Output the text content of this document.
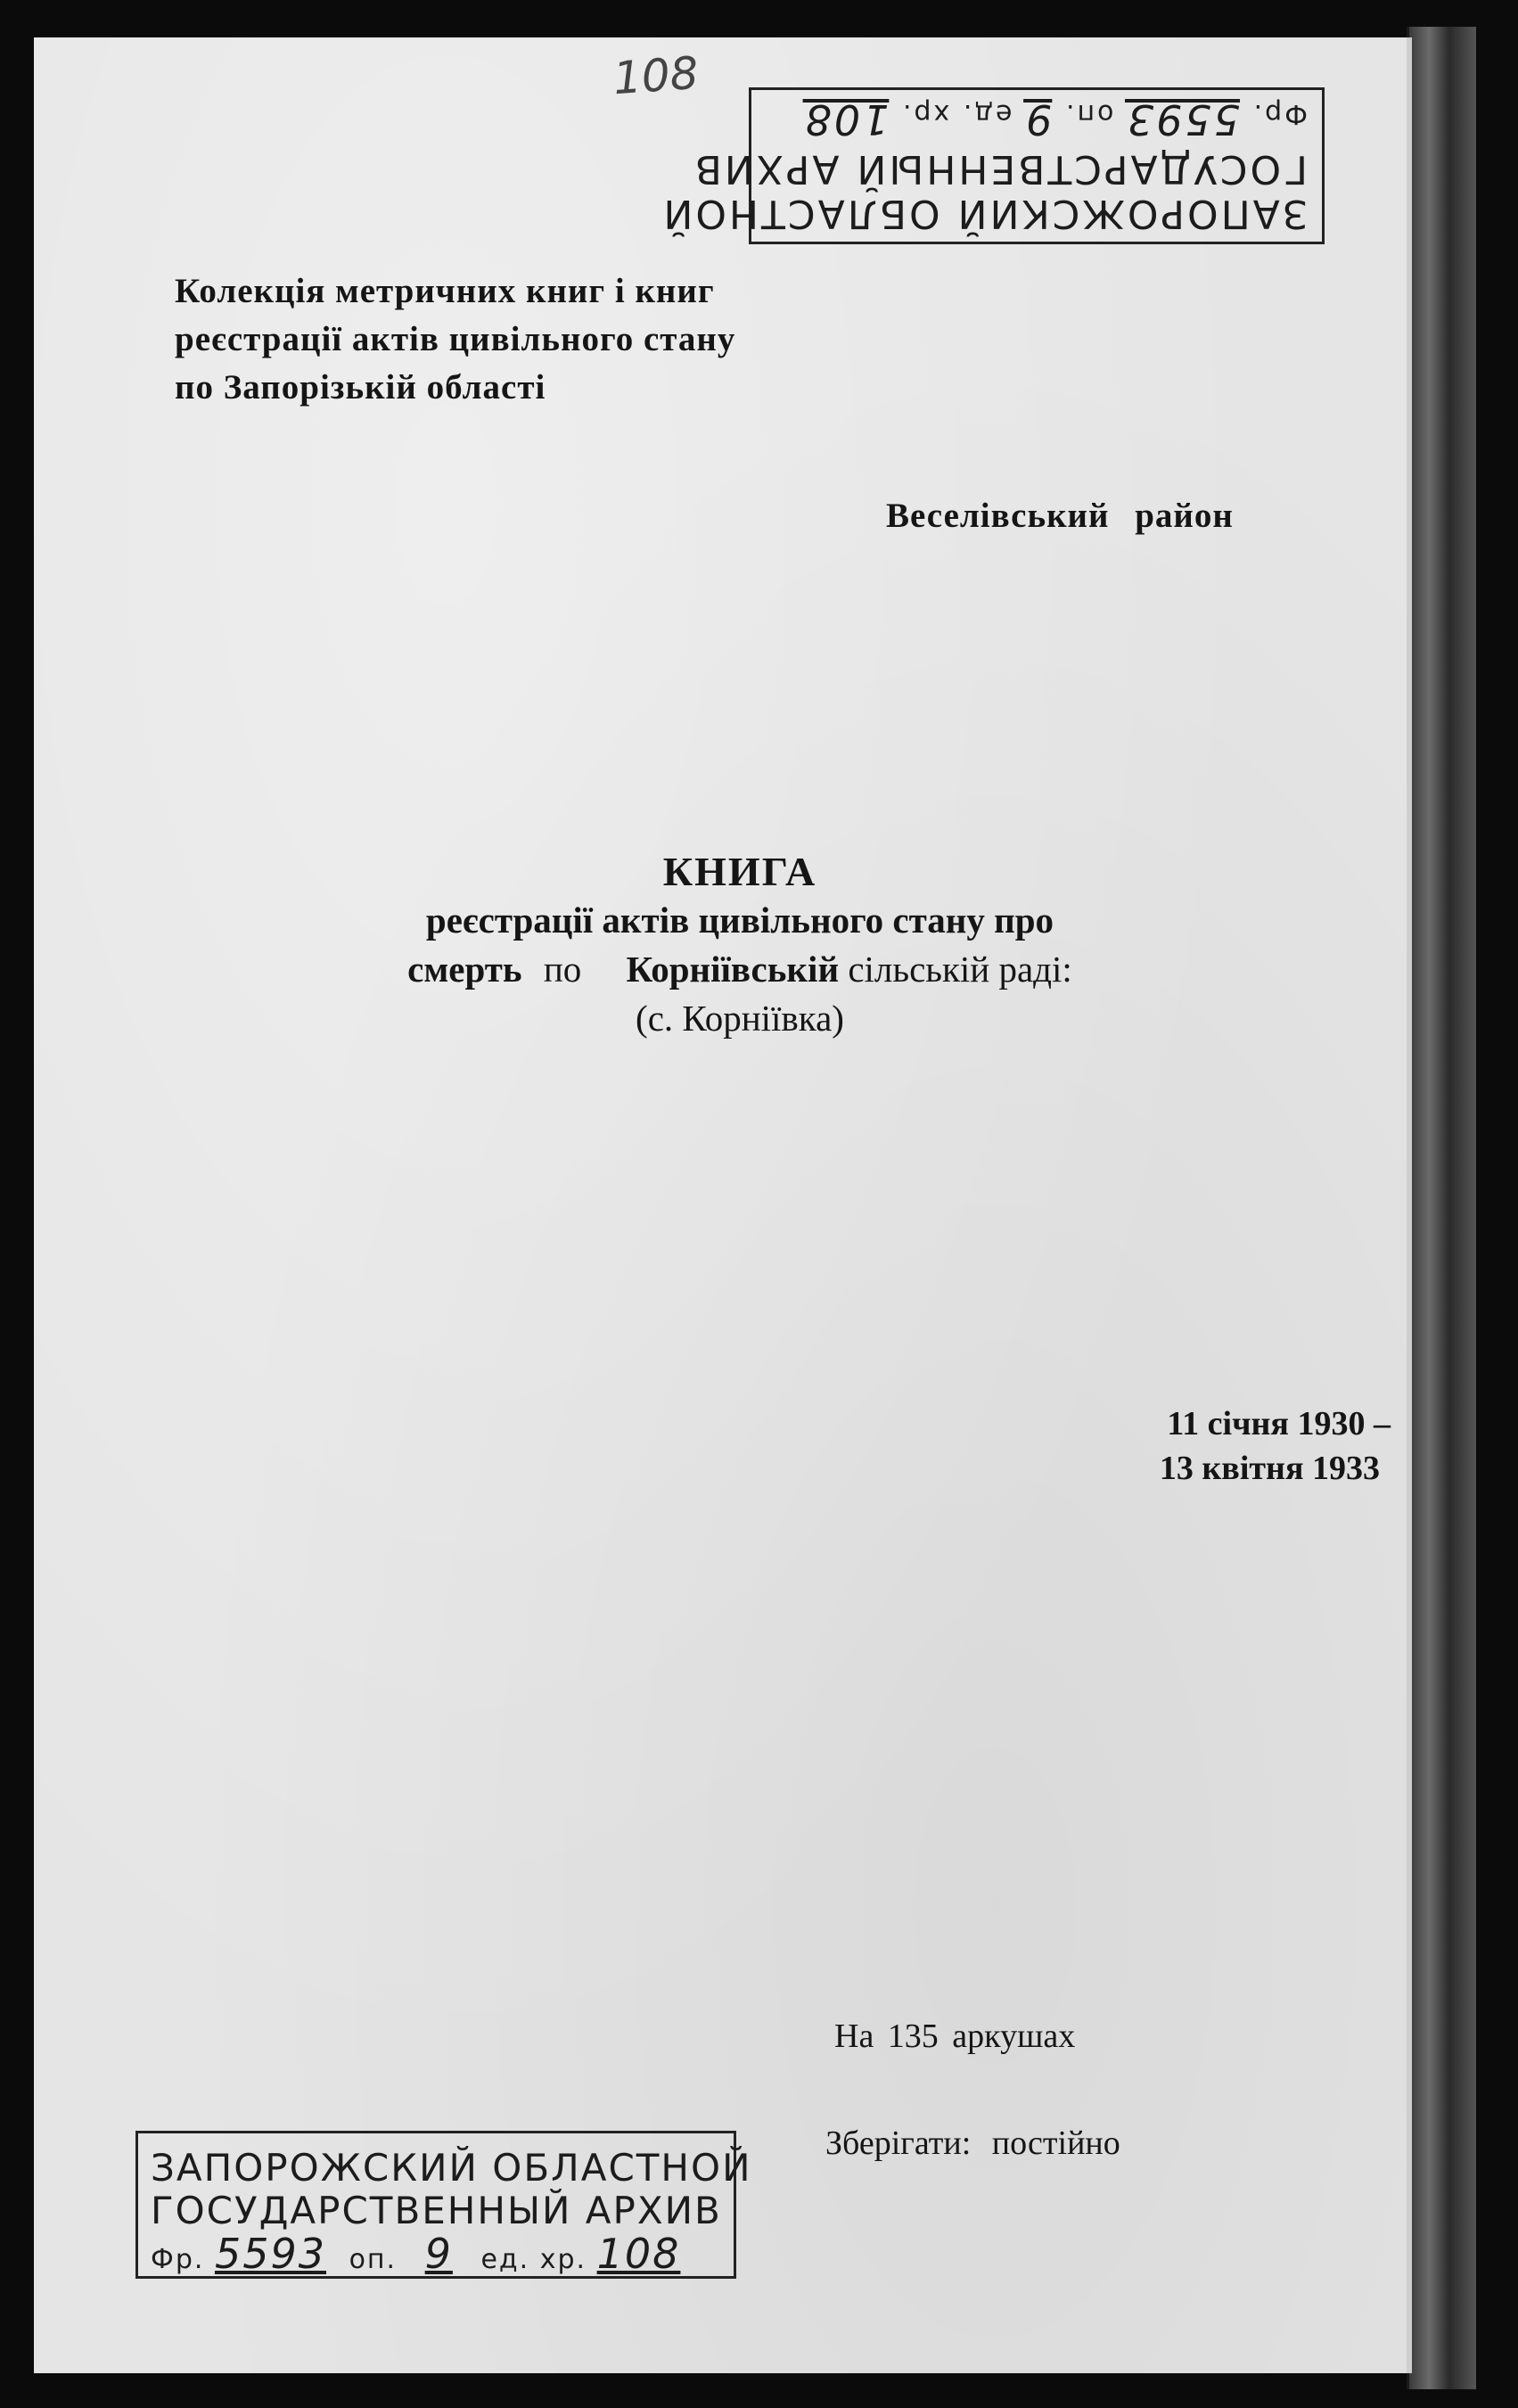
108
ЗАПОРОЖСКИЙ ОБЛАСТНОЙ
ГОСУДАРСТВЕННЫЙ АРХИВ
Фр. 5593 оп. 9 ед. хр. 108
Колекція метричних книг і книг
реєстрації актів цивільного стану
по Запорізькій області
Веселівський район
КНИГА
реєстрації актів цивільного стану про
смерть по Корніївській сільській раді:
(с. Корніївка)
11 січня 1930 –
13 квітня 1933
На 135 аркушах
Зберігати: постійно
ЗАПОРОЖСКИЙ ОБЛАСТНОЙ
ГОСУДАРСТВЕННЫЙ АРХИВ
Фр. 5593 оп. 9 ед. хр. 108
